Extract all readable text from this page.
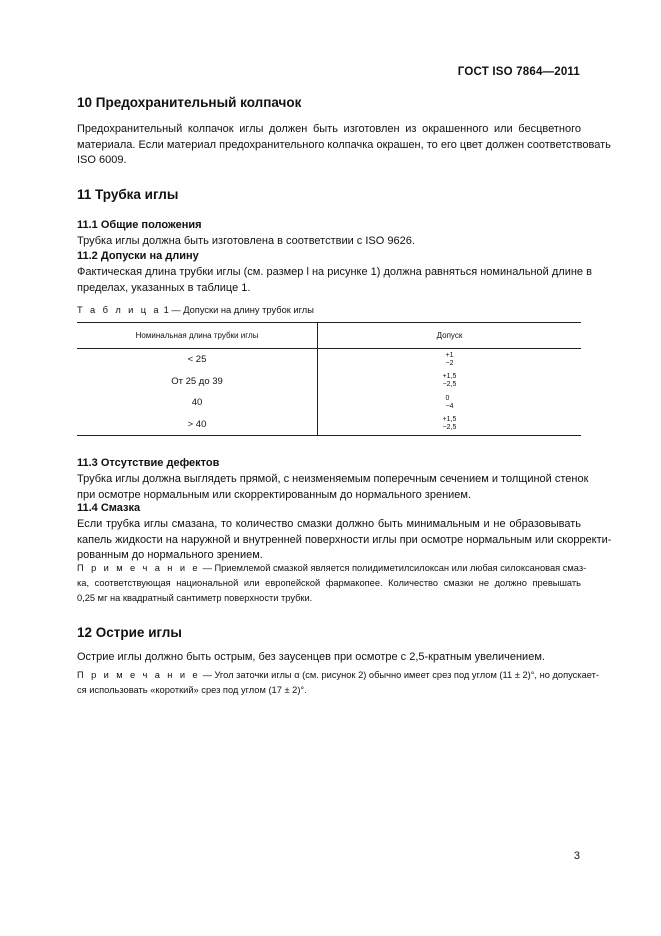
ГОСТ ISO 7864—2011
10 Предохранительный колпачок
Предохранительный колпачок иглы должен быть изготовлен из окрашенного или бесцветного
материала. Если материал предохранительного колпачка окрашен, то его цвет должен соответствовать
ISO 6009.
11 Трубка иглы
11.1 Общие положения
Трубка иглы должна быть изготовлена в соответствии с ISO 9626.
11.2 Допуски на длину
Фактическая длина трубки иглы (см. размер l на рисунке 1) должна равняться номинальной длине в
пределах, указанных в таблице 1.
Т а б л и ц а 1 — Допуски на длину трубок иглы
Номинальная длина трубки иглы	Допуск
< 25	+1
−2
От 25 до 39	+1,5
−2,5
40	0
−4
> 40	+1,5
−2,5
11.3 Отсутствие дефектов
Трубка иглы должна выглядеть прямой, с неизменяемым поперечным сечением и толщиной стенок
при осмотре нормальным или скорректированным до нормального зрением.
11.4 Смазка
Если трубка иглы смазана, то количество смазки должно быть минимальным и не образовывать
капель жидкости на наружной и внутренней поверхности иглы при осмотре нормальным или скорректи-
рованным до нормального зрением.
П р и м е ч а н и е — Приемлемой смазкой является полидиметилсилоксан или любая силоксановая смаз-
ка, соответствующая национальной или европейской фармакопее. Количество смазки не должно превышать
0,25 мг на квадратный сантиметр поверхности трубки.
12 Острие иглы
Острие иглы должно быть острым, без заусенцев при осмотре с 2,5-кратным увеличением.
П р и м е ч а н и е — Угол заточки иглы α (см. рисунок 2) обычно имеет срез под углом (11 ± 2)°, но допускает-
ся использовать «короткий» срез под углом (17 ± 2)°.
3
